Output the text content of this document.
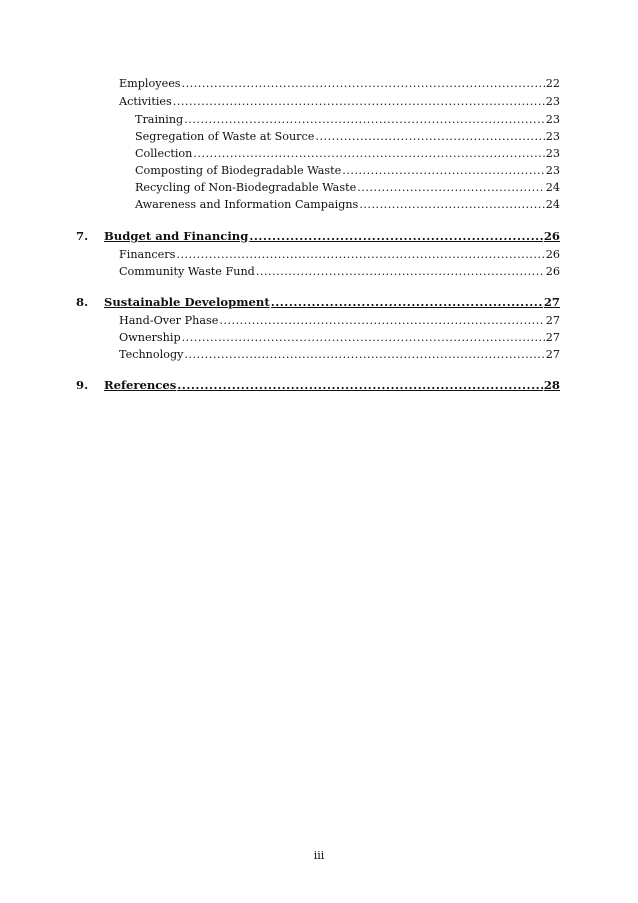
Employees .....	22
Activities .....	23
Training .....	23
Segregation of Waste at Source .....	23
Collection .....	23
Composting of Biodegradable Waste .....	23
Recycling of Non-Biodegradable Waste .....	24
Awareness and Information Campaigns .....	24
7. Budget and Financing .....	26
Financers .....	26
Community Waste Fund .....	26
8. Sustainable Development .....	27
Hand-Over Phase .....	27
Ownership .....	27
Technology .....	27
9. References .....	28
iii
